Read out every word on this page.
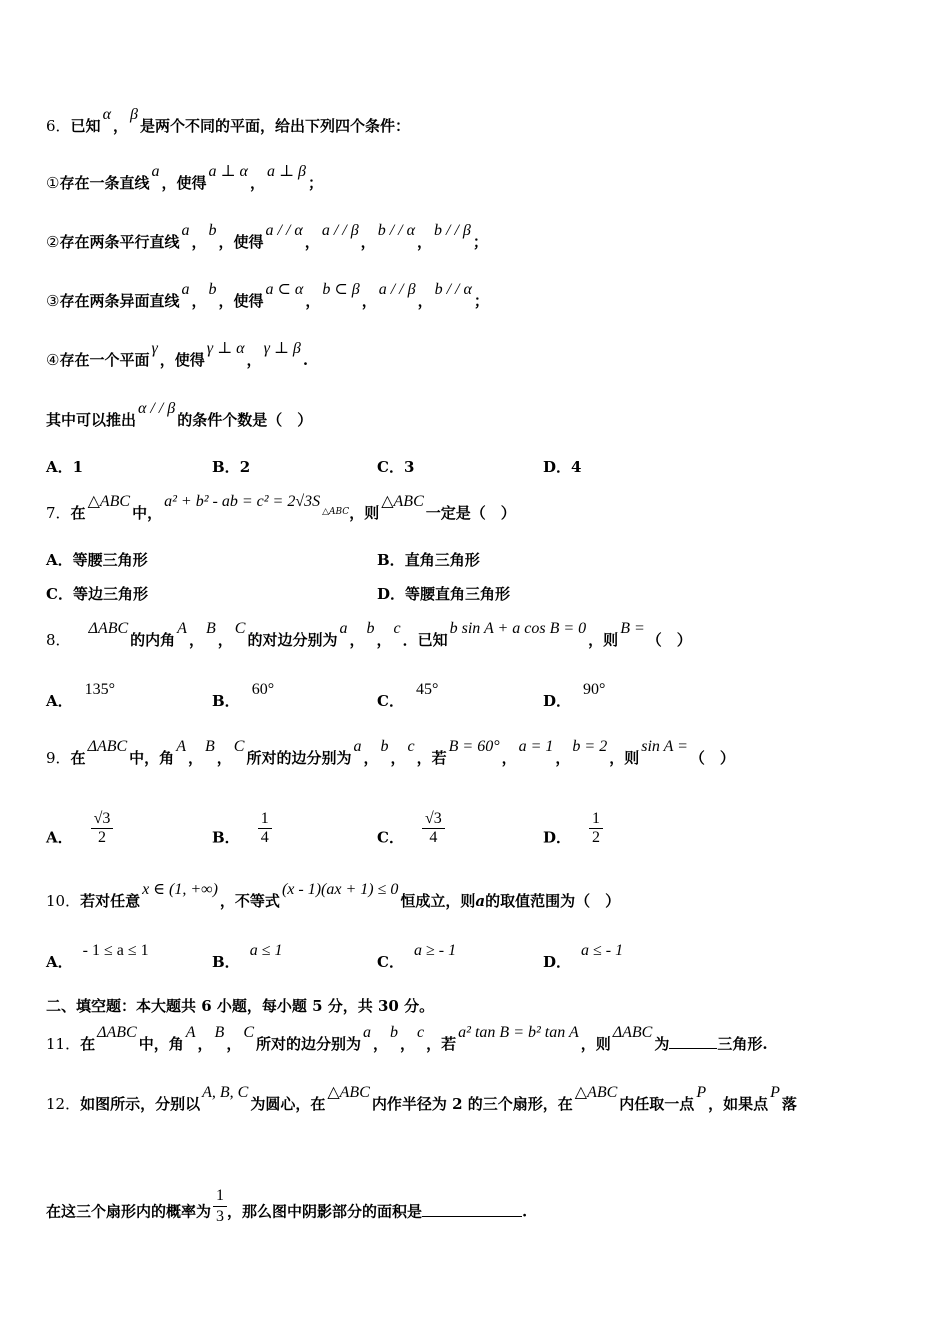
6．已知α，β是两个不同的平面，给出下列四个条件：
①存在一条直线a，使得a ⊥ α，a ⊥ β；
②存在两条平行直线a，b，使得a / / α，a / / β，b / / α，b / / β；
③存在两条异面直线a，b，使得a ⊂ α，b ⊂ β，a / / β，b / / α；
④存在一个平面γ，使得γ ⊥ α，γ ⊥ β.
其中可以推出α / / β的条件个数是（　）
A．1	B．2	C．3	D．4
7．在△ABC中，a² + b² - ab = $c^2 = 2√3S^{\triangle ABC}$，则△ABC一定是（　）
A．等腰三角形	B．直角三角形
C．等边三角形	D．等腰直角三角形
8．ΔABC的内角A，B，C的对边分别为a，b，c．已知b sin A + a cos B = 0，则B =（　）
A．135°
B．60°
C．45°
D．90°
9．在ΔABC中，角A，B，C所对的边分别为a，b，c，若B = 60°，a = 1，b = 2，则sin A =（　）
A． $\frac{√3}{2}$	B． $\frac{1}{4}$	C． $\frac{√3}{4}$	D． $\frac{1}{2}$
10．若对任意x ∈ (1, +∞)，不等式(x - 1)(ax + 1) ≤ 0恒成立，则a的取值范围为（　）
A．- 1 ≤ a ≤ 1
B．a ≤ 1
C．a ≥ - 1
D．a ≤ - 1
二、填空题：本大题共 6 小题，每小题 5 分，共 30 分。
11．在ΔABC中，角A，B，C所对的边分别为a，b，c，若a² tan B = b² tan A，则ΔABC为	三角形.
12．如图所示，分别以A, B, C为圆心，在△ABC内作半径为 2 的三个扇形，在△ABC内任取一点P，如果点P落
在这三个扇形内的概率为 $\frac{1}{3}$ ，那么图中阴影部分的面积是	.
